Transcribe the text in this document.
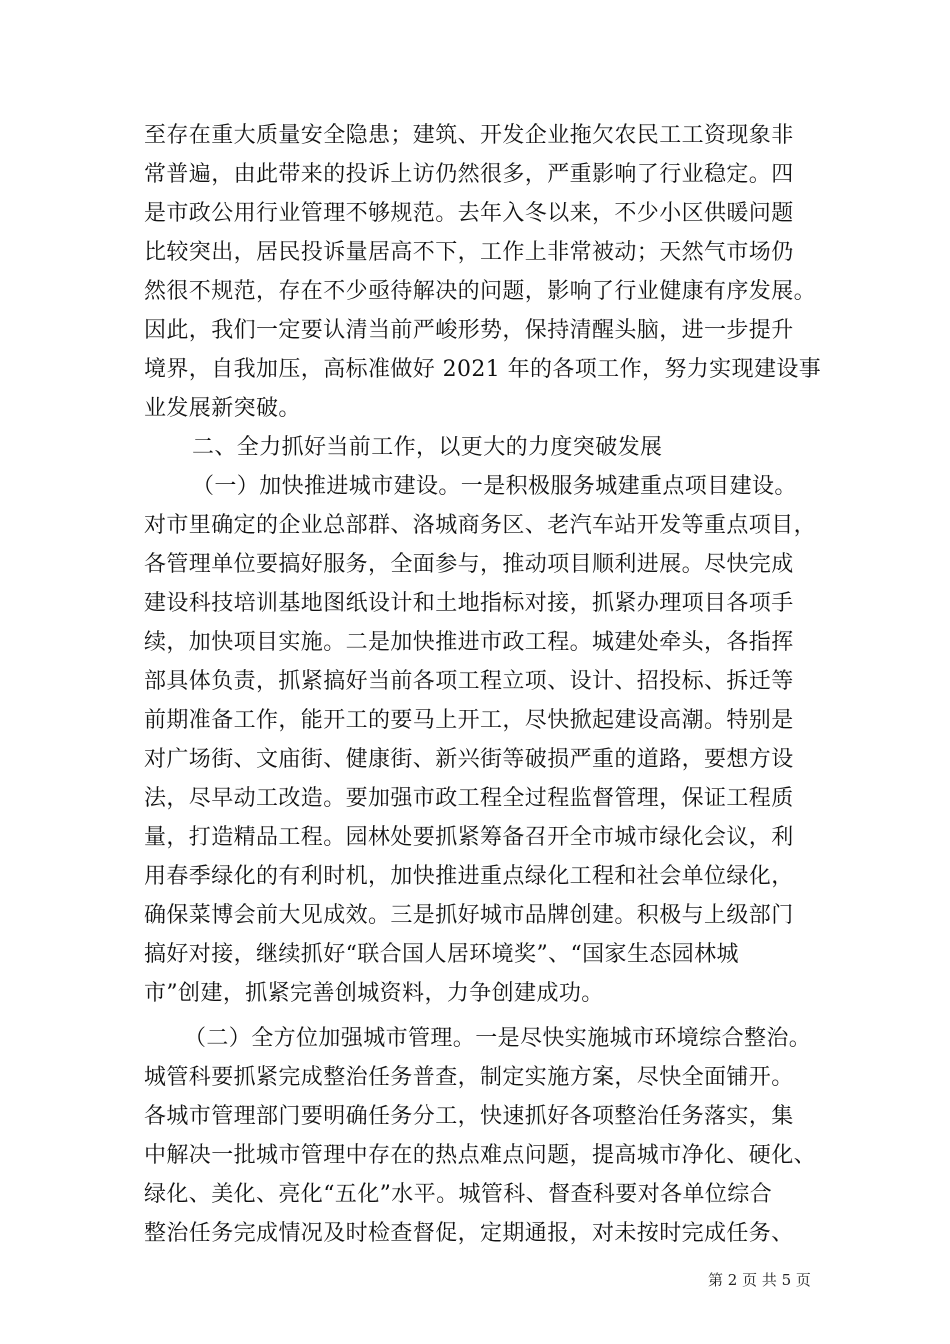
至存在重大质量安全隐患；建筑、开发企业拖欠农民工工资现象非
常普遍，由此带来的投诉上访仍然很多，严重影响了行业稳定。四
是市政公用行业管理不够规范。去年入冬以来，不少小区供暖问题
比较突出，居民投诉量居高不下，工作上非常被动；天然气市场仍
然很不规范，存在不少亟待解决的问题，影响了行业健康有序发展。
因此，我们一定要认清当前严峻形势，保持清醒头脑，进一步提升
境界，自我加压，高标准做好 2021 年的各项工作，努力实现建设事
业发展新突破。
二、全力抓好当前工作，以更大的力度突破发展
（一）加快推进城市建设。一是积极服务城建重点项目建设。
对市里确定的企业总部群、洛城商务区、老汽车站开发等重点项目，
各管理单位要搞好服务，全面参与，推动项目顺利进展。尽快完成
建设科技培训基地图纸设计和土地指标对接，抓紧办理项目各项手
续，加快项目实施。二是加快推进市政工程。城建处牵头，各指挥
部具体负责，抓紧搞好当前各项工程立项、设计、招投标、拆迁等
前期准备工作，能开工的要马上开工，尽快掀起建设高潮。特别是
对广场街、文庙街、健康街、新兴街等破损严重的道路，要想方设
法，尽早动工改造。要加强市政工程全过程监督管理，保证工程质
量，打造精品工程。园林处要抓紧筹备召开全市城市绿化会议，利
用春季绿化的有利时机，加快推进重点绿化工程和社会单位绿化，
确保菜博会前大见成效。三是抓好城市品牌创建。积极与上级部门
搞好对接，继续抓好“联合国人居环境奖”、“国家生态园林城
市”创建，抓紧完善创城资料，力争创建成功。
（二）全方位加强城市管理。一是尽快实施城市环境综合整治。
城管科要抓紧完成整治任务普查，制定实施方案，尽快全面铺开。
各城市管理部门要明确任务分工，快速抓好各项整治任务落实，集
中解决一批城市管理中存在的热点难点问题，提高城市净化、硬化、
绿化、美化、亮化“五化”水平。城管科、督查科要对各单位综合
整治任务完成情况及时检查督促，定期通报，对未按时完成任务、
第 2 页 共 5 页
